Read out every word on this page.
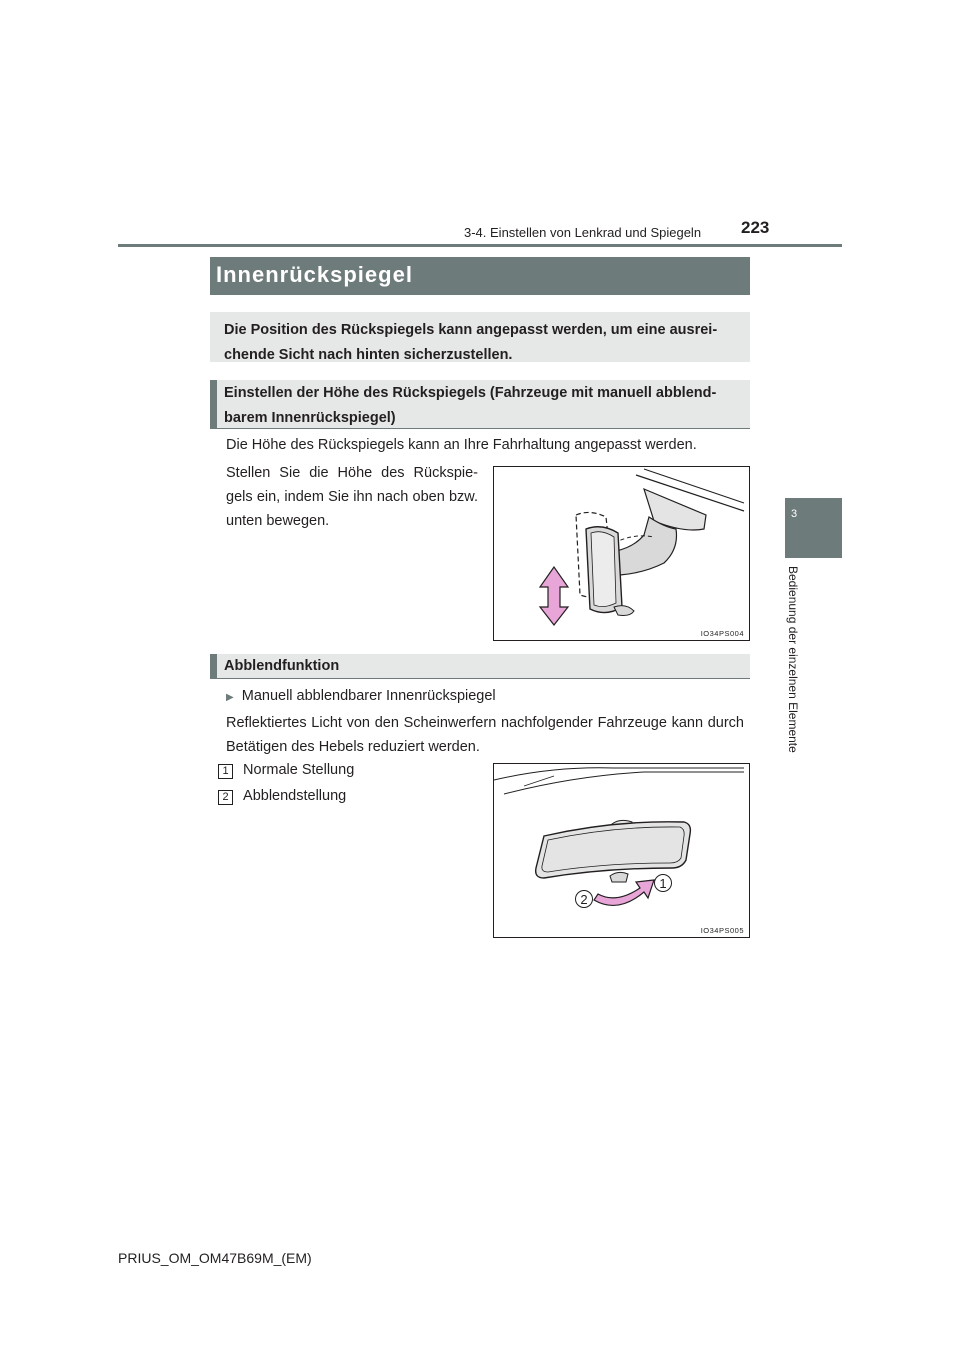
3-4. Einstellen von Lenkrad und Spiegeln 223
3
Bedienung der einzelnen Elemente
Innenrückspiegel

Die Position des Rückspiegels kann angepasst werden, um eine ausrei-chende Sicht nach hinten sicherzustellen.

Einstellen der Höhe des Rückspiegels (Fahrzeuge mit manuell abblend-barem Innenrückspiegel)

Die Höhe des Rückspiegels kann an Ihre Fahrhaltung angepasst werden.
Stellen Sie die Höhe des Rückspie-gels ein, indem Sie ihn nach oben bzw. unten bewegen.
IO34PS004

Abblendfunktion

▶ Manuell abblendbarer Innenrückspiegel
Reflektiertes Licht von den Scheinwerfern nachfolgender Fahrzeuge kann durch Betätigen des Hebels reduziert werden.
1 Normale Stellung
2 Abblendstellung
2
1
IO34PS005
PRIUS_OM_OM47B69M_(EM)
